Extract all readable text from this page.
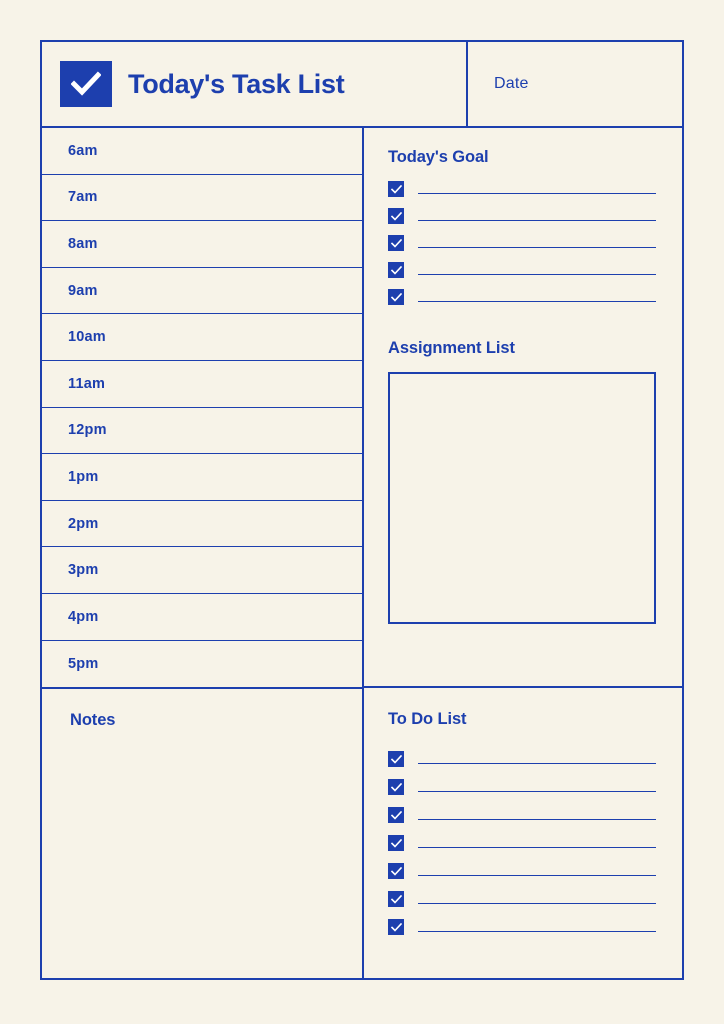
Today's Task List	Date
6am
7am
8am
9am
10am
11am
12pm
1pm
2pm
3pm
4pm
5pm
Notes
Today's Goal
Assignment List
To Do List
